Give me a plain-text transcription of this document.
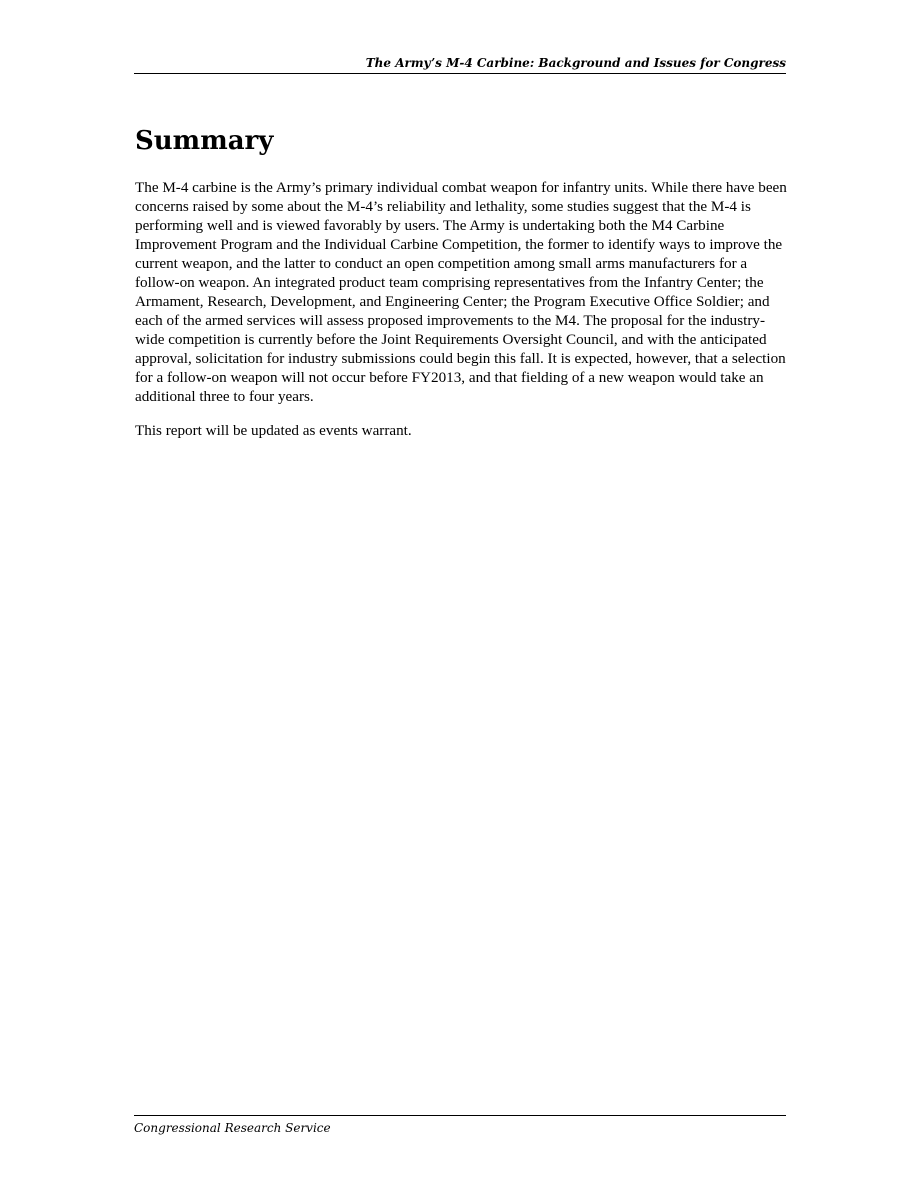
The Army’s M-4 Carbine: Background and Issues for Congress
Summary

The M-4 carbine is the Army’s primary individual combat weapon for infantry units. While there have been concerns raised by some about the M-4’s reliability and lethality, some studies suggest that the M-4 is performing well and is viewed favorably by users. The Army is undertaking both the M4 Carbine Improvement Program and the Individual Carbine Competition, the former to identify ways to improve the current weapon, and the latter to conduct an open competition among small arms manufacturers for a follow-on weapon. An integrated product team comprising representatives from the Infantry Center; the Armament, Research, Development, and Engineering Center; the Program Executive Office Soldier; and each of the armed services will assess proposed improvements to the M4. The proposal for the industry-wide competition is currently before the Joint Requirements Oversight Council, and with the anticipated approval, solicitation for industry submissions could begin this fall. It is expected, however, that a selection for a follow-on weapon will not occur before FY2013, and that fielding of a new weapon would take an additional three to four years.

This report will be updated as events warrant.

Congressional Research Service
